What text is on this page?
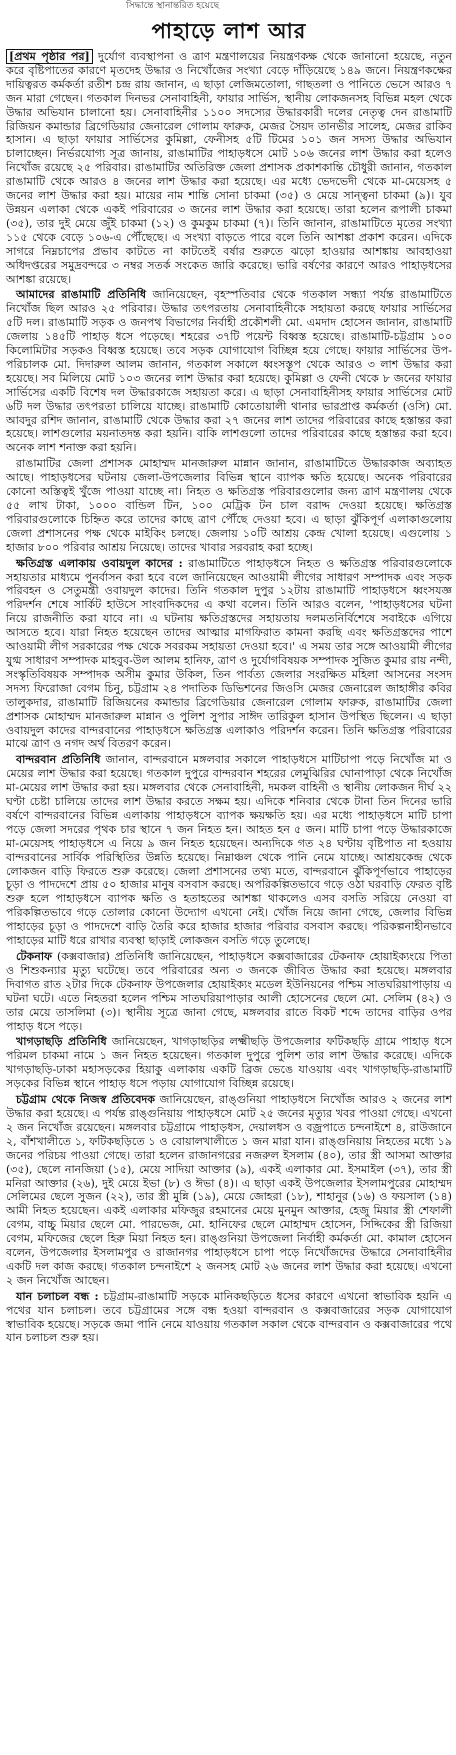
সিদ্ধান্তে স্থানান্তরিত হয়েছে
পাহাড়ে লাশ আর

[প্রথম পৃষ্ঠার পর] দুর্যোগ ব্যবস্থাপনা ও ত্রাণ মন্ত্রণালয়ের নিয়ন্ত্রণকক্ষ থেকে জানানো হয়েছে, নতুন করে বৃষ্টিপাতের কারণে মৃতদেহ উদ্ধার ও নিখোঁজের সংখ্যা বেড়ে দাঁড়িয়েছে ১৪৯ জনে। নিয়ন্ত্রণকক্ষের দায়িত্বরত কর্মকর্তা রতীশ চন্দ্র রায় জানান, এ ছাড়া লেজিমতোলা, গাছতলা ও পানিতে ভেসে আরও ৭ জন মারা গেছেন। গতকাল দিনভর সেনাবাহিনী, ফায়ার সার্ভিস, স্থানীয় লোকজনসহ বিভিন্ন মহল থেকে উদ্ধার অভিযান চালানো হয়। সেনাবাহিনীর ১১০০ সদস্যের উদ্ধারকারী দলের নেতৃত্ব দেন রাঙামাটি রিজিয়ন কমান্ডার ব্রিগেডিয়ার জেনারেল গোলাম ফারুক, মেজর সৈয়দ তানভীর সালেহ, মেজর রাকিব হাসান। এ ছাড়া ফায়ার সার্ভিসের কুমিল্লা, ফেনীসহ ৫টি টিমের ১০১ জন সদস্য উদ্ধার অভিযান চালাচ্ছেন। নির্ভরযোগ্য সূত্র জানায়, রাঙামাটির পাহাড়ধসে মোট ১০৬ জনের লাশ উদ্ধার করা হলেও নিখোঁজ রয়েছে ২৫ পরিবার। রাঙামাটির অতিরিক্ত জেলা প্রশাসক প্রকাশকান্তি চৌধুরী জানান, গতকাল রাঙামাটি থেকে আরও ৪ জনের লাশ উদ্ধার করা হয়েছে। এর মধ্যে ভেদভেদী থেকে মা-মেয়েসহ ৫ জনের লাশ উদ্ধার করা হয়। মায়ের নাম শান্তি সোনা চাকমা (৩৫) ও মেয়ে সান্ত্বনা চাকমা (৯)। যুব উন্নয়ন এলাকা থেকে একই পরিবারের ৩ জনের লাশ উদ্ধার করা হয়েছে। তারা হলেন রূপালী চাকমা (৩৫), তার দুই মেয়ে জুঁই চাকমা (১২) ও কুমকুম চাকমা (৭)। তিনি জানান, রাঙামাটিতে মৃতের সংখ্যা ১১৫ থেকে বেড়ে ১০৬-এ পৌঁছেছে। এ সংখ্যা বাড়তে পারে বলে তিনি আশঙ্কা প্রকাশ করেন। এদিকে সাগরে নিম্নচাপের প্রভাব কাটতে না কাটতেই বর্ষার শুরুতে ঝড়ো হাওয়ার আশঙ্কায় আবহাওয়া অধিদপ্তরের সমুদ্রবন্দরে ৩ নম্বর সতর্ক সংকেত জারি করেছে। ভারি বর্ষণের কারণে আরও পাহাড়ধসের আশঙ্কা রয়েছে।

আমাদের রাঙামাটি প্রতিনিধি জানিয়েছেন, বৃহস্পতিবার থেকে গতকাল সন্ধ্যা পর্যন্ত রাঙামাটিতে নিখোঁজ ছিল আরও ২৫ পরিবার। উদ্ধার তৎপরতায় সেনাবাহিনীকে সহায়তা করছে ফায়ার সার্ভিসের ৫টি দল। রাঙামাটি সড়ক ও জনপথ বিভাগের নির্বাহী প্রকৌশলী মো. এমদাদ হোসেন জানান, রাঙামাটি জেলায় ১৪৫টি পাহাড় ধসে পড়েছে। শহরের ৩৭টি পয়েন্ট বিধ্বস্ত হয়েছে। রাঙামাটি-চট্টগ্রাম ১০০ কিলোমিটার সড়কও বিধ্বস্ত হয়েছে। তবে সড়ক যোগাযোগ বিচ্ছিন্ন হয়ে গেছে। ফায়ার সার্ভিসের উপ-পরিচালক মো. দিদারুল আলম জানান, গতকাল সকালে ধ্বংসস্তূপ থেকে আরও ৩ লাশ উদ্ধার করা হয়েছে। সব মিলিয়ে মোট ১০৩ জনের লাশ উদ্ধার করা হয়েছে। কুমিল্লা ও ফেনী থেকে ৮ জনের ফায়ার সার্ভিসের একটি বিশেষ দল উদ্ধারকাজে সহায়তা করে। এ ছাড়া সেনাবাহিনীসহ ফায়ার সার্ভিসের মোট ৬টি দল উদ্ধার তৎপরতা চালিয়ে যাচ্ছে। রাঙামাটি কোতোয়ালী থানার ভারপ্রাপ্ত কর্মকর্তা (ওসি) মো. আবদুর রশিদ জানান, রাঙামাটি থেকে উদ্ধার করা ২৭ জনের লাশ তাদের পরিবারের কাছে হস্তান্তর করা হয়েছে। লাশগুলোর ময়নাতদন্ত করা হয়নি। বাকি লাশগুলো তাদের পরিবারের কাছে হস্তান্তর করা হবে। অনেক লাশ শনাক্ত করা হয়নি।

রাঙামাটির জেলা প্রশাসক মোহাম্মদ মানজারুল মান্নান জানান, রাঙামাটিতে উদ্ধারকাজ অব্যাহত আছে। পাহাড়ধসের ঘটনায় জেলা-উপজেলার বিভিন্ন স্থানে ব্যাপক ক্ষতি হয়েছে। অনেক পরিবারের কোনো অস্তিত্বই খুঁজে পাওয়া যাচ্ছে না। নিহত ও ক্ষতিগ্রস্ত পরিবারগুলোর জন্য ত্রাণ মন্ত্রণালয় থেকে ৫৫ লাখ টাকা, ১০০০ বান্ডিল টিন, ১০০ মেট্রিক টন চাল বরাদ্দ দেওয়া হয়েছে। ক্ষতিগ্রস্ত পরিবারগুলোকে চিহ্নিত করে তাদের কাছে ত্রাণ পৌঁছে দেওয়া হবে। এ ছাড়া ঝুঁকিপূর্ণ এলাকাগুলোয় জেলা প্রশাসনের পক্ষ থেকে মাইকিং চলছে। জেলায় ১০টি আশ্রয় কেন্দ্র খোলা হয়েছে। এগুলোয় ১ হাজার ৮০০ পরিবার আশ্রয় নিয়েছে। তাদের খাবার সরবরাহ করা হচ্ছে।

ক্ষতিগ্রস্ত এলাকায় ওবায়দুল কাদের : রাঙামাটিতে পাহাড়ধসে নিহত ও ক্ষতিগ্রস্ত পরিবারগুলোকে সহায়তার মাধ্যমে পুনর্বাসন করা হবে বলে জানিয়েছেন আওয়ামী লীগের সাধারণ সম্পাদক এবং সড়ক পরিবহন ও সেতুমন্ত্রী ওবায়দুল কাদের। তিনি গতকাল দুপুর ১২টায় রাঙামাটি পাহাড়ধসে ধ্বংসযজ্ঞ পরিদর্শন শেষে সার্কিট হাউসে সাংবাদিকদের এ কথা বলেন। তিনি আরও বলেন, 'পাহাড়ধসের ঘটনা নিয়ে রাজনীতি করা যাবে না। এ ঘটনায় ক্ষতিগ্রস্তদের সহায়তায় দলমতনির্বিশেষে সবাইকে এগিয়ে আসতে হবে। যারা নিহত হয়েছেন তাদের আত্মার মাগফিরাত কামনা করছি এবং ক্ষতিগ্রস্তদের পাশে আওয়ামী লীগ সরকারের পক্ষ থেকে সবরকম সহায়তা দেওয়া হবে।' এ সময় তার সঙ্গে আওয়ামী লীগের যুগ্ম সাধারণ সম্পাদক মাহবুব-উল আলম হানিফ, ত্রাণ ও দুর্যোগবিষয়ক সম্পাদক সুজিত কুমার রায় নন্দী, সংস্কৃতিবিষয়ক সম্পাদক অসীম কুমার উকিল, তিন পার্বত্য জেলার সংরক্ষিত মহিলা আসনের সংসদ সদস্য ফিরোজা বেগম চিনু, চট্টগ্রাম ২৪ পদাতিক ডিভিশনের জিওসি মেজর জেনারেল জাহাঙ্গীর কবির তালুকদার, রাঙামাটি রিজিয়নের কমান্ডার ব্রিগেডিয়ার জেনারেল গোলাম ফারুক, রাঙামাটির জেলা প্রশাসক মোহাম্মদ মানজারুল মান্নান ও পুলিশ সুপার সাঈদ তারিকুল হাসান উপস্থিত ছিলেন। এ ছাড়া ওবায়দুল কাদের বান্দরবানের পাহাড়ধসে ক্ষতিগ্রস্ত এলাকাও পরিদর্শন করেন। তিনি ক্ষতিগ্রস্ত পরিবারের মাঝে ত্রাণ ও নগদ অর্থ বিতরণ করেন।

বান্দরবান প্রতিনিধি জানান, বান্দরবানে মঙ্গলবার সকালে পাহাড়ধসে মাটিচাপা পড়ে নিখোঁজ মা ও মেয়ের লাশ উদ্ধার করা হয়েছে। গতকাল দুপুরে বান্দরবান শহরের লেমুঝিরির ঘোনাপাড়া থেকে নিখোঁজ মা-মেয়ের লাশ উদ্ধার করা হয়। মঙ্গলবার থেকে সেনাবাহিনী, দমকল বাহিনী ও স্থানীয় লোকজন দীর্ঘ ২২ ঘণ্টা চেষ্টা চালিয়ে তাদের লাশ উদ্ধার করতে সক্ষম হয়। এদিকে শনিবার থেকে টানা তিন দিনের ভারি বর্ষণে বান্দরবানের বিভিন্ন এলাকায় পাহাড়ধসে ব্যাপক ক্ষয়ক্ষতি হয়। এর মধ্যে পাহাড়ধসে মাটি চাপা পড়ে জেলা সদরের পৃথক চার স্থানে ৭ জন নিহত হন। আহত হন ৫ জন। মাটি চাপা পড়ে উদ্ধারকাজে মা-মেয়েসহ পাহাড়ধসে এ নিয়ে ৯ জন নিহত হয়েছেন। অন্যদিকে গত ২৪ ঘণ্টায় বৃষ্টিপাত না হওয়ায় বান্দরবানের সার্বিক পরিস্থিতির উন্নতি হয়েছে। নিম্নাঞ্চল থেকে পানি নেমে যাচ্ছে। আশ্রয়কেন্দ্র থেকে লোকজন বাড়ি ফিরতে শুরু করেছে। জেলা প্রশাসনের তথ্য মতে, বান্দরবানে ঝুঁকিপূর্ণভাবে পাহাড়ের চূড়া ও পাদদেশে প্রায় ৫০ হাজার মানুষ বসবাস করছে। অপরিকল্পিতভাবে গড়ে ওঠা ঘরবাড়ি ফেরত বৃষ্টি শুরু হলে পাহাড়ধসে ব্যাপক ক্ষতি ও হতাহতের আশঙ্কা থাকলেও এসব বসতি সরিয়ে নেওয়া বা পরিকল্পিতভাবে গড়ে তোলার কোনো উদ্যোগ এখনো নেই। খোঁজ নিয়ে জানা গেছে, জেলার বিভিন্ন পাহাড়ের চূড়া ও পাদদেশে বাড়ি তৈরি করে হাজার হাজার পরিবার বসবাস করছে। পরিকল্পনাহীনভাবে পাহাড়ের মাটি ধরে রাখার ব্যবস্থা ছাড়াই লোকজন বসতি গড়ে তুলেছে।

টেকনাফ (কক্সবাজার) প্রতিনিধি জানিয়েছেন, পাহাড়ধসে কক্সবাজারের টেকনাফ হোয়াইক্যংয়ে পিতা ও শিশুকন্যার মৃত্যু ঘটেছে। তবে পরিবারের অন্য ৩ জনকে জীবিত উদ্ধার করা হয়েছে। মঙ্গলবার দিবাগত রাত ২টার দিকে টেকনাফ উপজেলার হোয়াইক্যং মডেল ইউনিয়নের পশ্চিম সাতঘরিয়াপাড়ায় এ ঘটনা ঘটে। এতে নিহতরা হলেন পশ্চিম সাতঘরিয়াপাড়ার আলী হোসেনের ছেলে মো. সেলিম (৪২) ও তার মেয়ে তাসলিমা (৩)। স্থানীয় সূত্রে জানা গেছে, মঙ্গলবার রাতে বিকট শব্দে তাদের বাড়ির ওপর পাহাড় ধসে পড়ে।

খাগড়াছড়ি প্রতিনিধি জানিয়েছেন, খাগড়াছড়ির লক্ষ্মীছড়ি উপজেলার ফটিকছড়ি গ্রামে পাহাড় ধসে পরিমল চাকমা নামে ১ জন নিহত হয়েছেন। গতকাল দুপুরে পুলিশ তার লাশ উদ্ধার করেছে। এদিকে খাগড়াছড়ি-ঢাকা মহাসড়কের হিয়াকু এলাকায় একটি ব্রিজ ভেঙে যাওয়ায় এবং খাগড়াছড়ি-রাঙামাটি সড়কের বিভিন্ন স্থানে পাহাড় ধসে পড়ায় যোগাযোগ বিচ্ছিন্ন রয়েছে।

চট্টগ্রাম থেকে নিজস্ব প্রতিবেদক জানিয়েছেন, রাঙ্গুনিয়া পাহাড়ধসে নিখোঁজ আরও ২ জনের লাশ উদ্ধার করা হয়েছে। এ পর্যন্ত রাঙ্গুনিয়ায় পাহাড়ধসে মোট ২৫ জনের মৃত্যুর খবর পাওয়া গেছে। এখনো ২ জন নিখোঁজ রয়েছেন। মঙ্গলবার চট্টগ্রামে পাহাড়ধস, দেয়ালধস ও বজ্রপাতে চন্দনাইশে ৪, রাউজানে ২, বাঁশখালীতে ১, ফটিকছড়িতে ১ ও বোয়ালখালীতে ১ জন মারা যান। রাঙ্গুনিয়ায় নিহতের মধ্যে ১৯ জনের পরিচয় পাওয়া গেছে। তারা হলেন রাজানগরের নজরুল ইসলাম (৪০), তার স্ত্রী আসমা আক্তার (৩৫), ছেলে নানজিয়া (১৫), মেয়ে সাদিয়া আক্তার (৯), একই এলাকার মো. ইসমাইল (৩৭), তার স্ত্রী মনিরা আক্তার (২৬), দুই মেয়ে ইভা (৮) ও ঈভা (৪)। এ ছাড়া একই উপজেলার ইসলামপুরের মোহাম্মদ সেলিমের ছেলে সুজন (২২), তার স্ত্রী মুন্নি (১৯), মেয়ে জোহরা (১৮), শাহানুর (১৬) ও ফয়সাল (১৪) আমী নিহত হয়েছেন। একই এলাকার মফিজুর রহমানের মেয়ে মুনমুন আক্তার, হেজু মিয়ার স্ত্রী শেফালী বেগম, বাচ্চু মিয়ার ছেলে মো. পারভেজ, মো. হানিফের ছেলে মোহাম্মদ হোসেন, সিদ্দিকের স্ত্রী রিজিয়া বেগম, মফিজের ছেলে হিরু মিয়া নিহত হন। রাঙ্গুনিয়া উপজেলা নির্বাহী কর্মকর্তা মো. কামাল হোসেন বলেন, উপজেলার ইসলামপুর ও রাজানগর পাহাড়ধসে চাপা পড়ে নিখোঁজদের উদ্ধারে সেনাবাহিনীর একটি দল কাজ করছে। গতকাল চন্দনাইশে ২ জনসহ মোট ২৬ জনের লাশ উদ্ধার করা হয়েছে। এখনো ২ জন নিখোঁজ আছেন।

যান চলাচল বন্ধ : চট্টগ্রাম-রাঙামাটি সড়কে মানিকছড়িতে ধসের কারণে এখনো স্বাভাবিক হয়নি এ পথের যান চলাচল। তবে চট্টগ্রামের সঙ্গে বন্ধ হওয়া বান্দরবান ও কক্সবাজারের সড়ক যোগাযোগ স্বাভাবিক হয়েছে। সড়কে জমা পানি নেমে যাওয়ায় গতকাল সকাল থেকে বান্দরবান ও কক্সবাজারের পথে যান চলাচল শুরু হয়।
